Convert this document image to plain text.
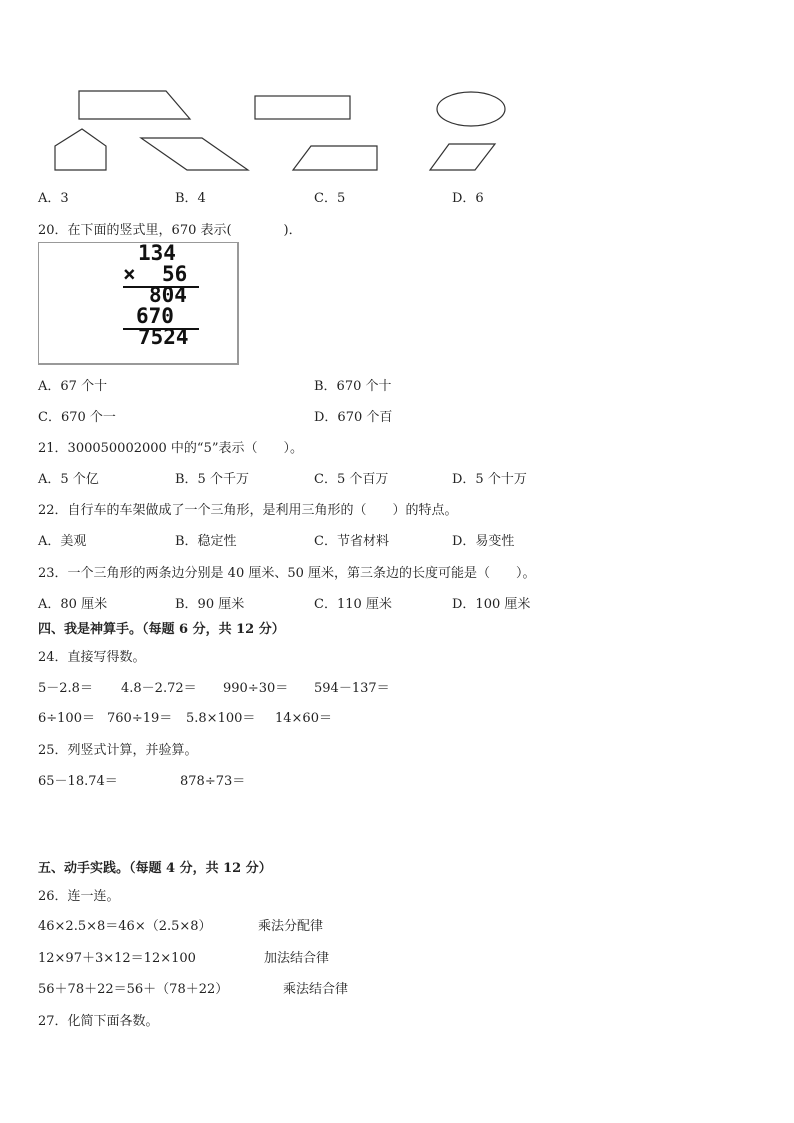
A．3	B．4	C．5	D．6
20．在下面的竖式里，670 表示(　　　　)．
134
× 56
804
670
7524
A．67 个十	B．670 个十
C．670 个一	D．670 个百
21．300050002000 中的“5”表示（　　）。
A．5 个亿	B．5 个千万	C．5 个百万	D．5 个十万
22．自行车的车架做成了一个三角形，是利用三角形的（　　）的特点。
A．美观	B．稳定性	C．节省材料	D．易变性
23．一个三角形的两条边分别是 40 厘米、50 厘米，第三条边的长度可能是（　　）。
A．80 厘米	B．90 厘米	C．110 厘米	D．100 厘米
四、我是神算手。（每题 6 分，共 12 分）
24．直接写得数。
5－2.8＝ 4.8－2.72＝ 990÷30＝ 594－137＝
6÷100＝ 760÷19＝ 5.8×100＝ 14×60＝
25．列竖式计算，并验算。
65－18.74＝	878÷73＝
五、动手实践。（每题 4 分，共 12 分）
26．连一连。
46×2.5×8＝46×（2.5×8）	乘法分配律
12×97＋3×12＝12×100	加法结合律
56＋78＋22＝56＋（78＋22）	乘法结合律
27．化简下面各数。
